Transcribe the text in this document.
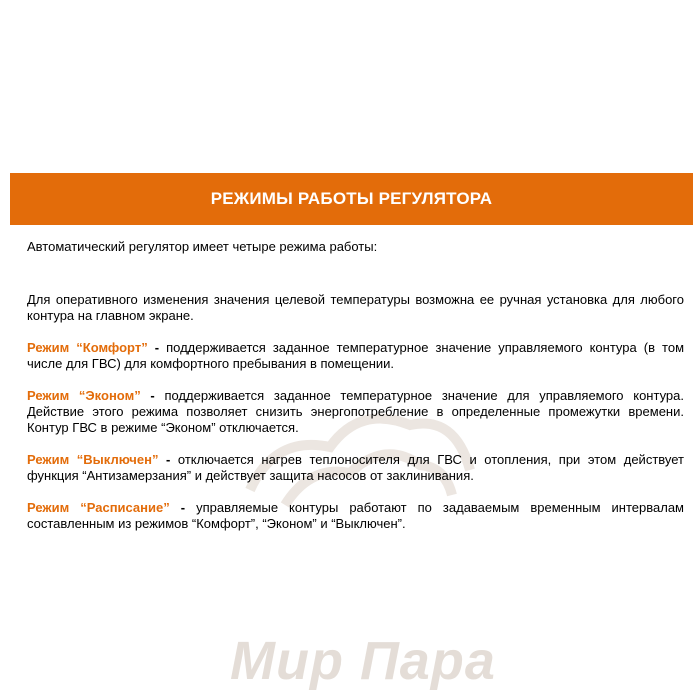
Мир Пара
РЕЖИМЫ РАБОТЫ РЕГУЛЯТОРА

Автоматический регулятор имеет четыре режима работы:

Для оперативного изменения значения целевой температуры возможна ее ручная установка для любого контура на главном экране.

Режим “Комфорт” - поддерживается заданное температурное значение управляемого контура (в том числе для ГВС) для комфортного пребывания в помещении.

Режим “Эконом” - поддерживается заданное температурное значение для управляемого контура. Действие этого режима позволяет снизить энергопотребление в определенные промежутки времени. Контур ГВС в режиме “Эконом” отключается.

Режим “Выключен” - отключается нагрев теплоносителя для ГВС и отопления, при этом действует функция “Антизамерзания” и действует защита насосов от заклинивания.

Режим “Расписание” - управляемые контуры работают по задаваемым временным интервалам составленным из режимов “Комфорт”, “Эконом” и “Выключен”.
